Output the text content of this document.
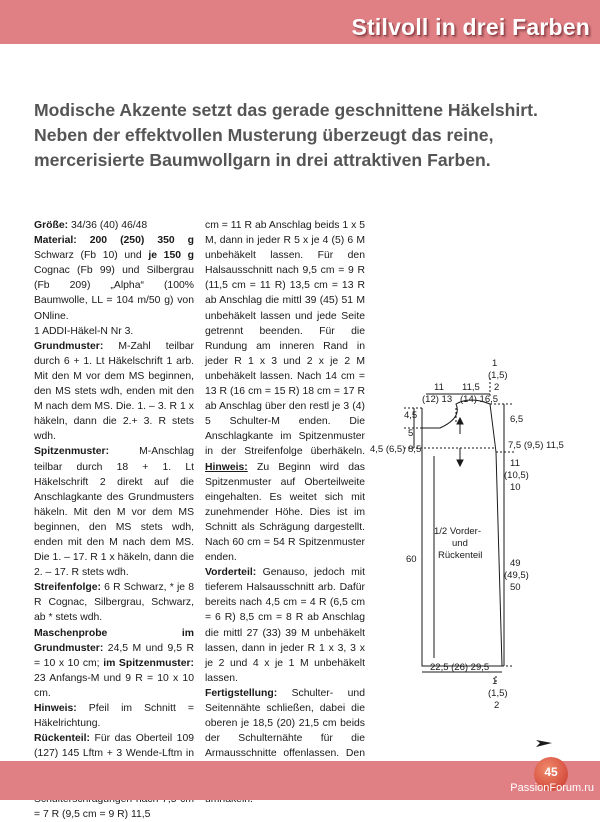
Stilvoll in drei Farben
Modische Akzente setzt das gerade geschnittene Häkelshirt. Neben der effektvollen Musterung überzeugt das reine, mercerisierte Baumwollgarn in drei attraktiven Farben.

Größe: 34/36 (40) 46/48

Material: 200 (250) 350 g Schwarz (Fb 10) und je 150 g Cognac (Fb 99) und Silbergrau (Fb 209) „Alpha“ (100% Baumwolle, LL = 104 m/50 g) von ONline.

1 ADDI-Häkel-N Nr 3.

Grundmuster: M-Zahl teilbar durch 6 + 1. Lt Häkelschrift 1 arb. Mit den M vor dem MS beginnen, den MS stets wdh, enden mit den M nach dem MS. Die. 1. – 3. R 1 x häkeln, dann die 2.+ 3. R stets wdh.

Spitzenmuster: M-Anschlag teilbar durch 18 + 1. Lt Häkelschrift 2 direkt auf die Anschlagkante des Grundmusters häkeln. Mit den M vor dem MS beginnen, den MS stets wdh, enden mit den M nach dem MS. Die 1. – 17. R 1 x häkeln, dann die 2. – 17. R stets wdh.

Streifenfolge: 6 R Schwarz, * je 8 R Cognac, Silbergrau, Schwarz, ab * stets wdh.

Maschenprobe im Grundmuster: 24,5 M und 9,5 R = 10 x 10 cm; im Spitzenmuster: 23 Anfangs-M und 9 R = 10 x 10 cm.

Hinweis: Pfeil im Schnitt = Häkelrichtung.

Rückenteil: Für das Oberteil 109 (127) 145 Lftm + 3 Wende-Lftm in = 7 R (9,5 cm = 9 R) 11,5

cm = 11 R ab Anschlag beids 1 x 5 M, dann in jeder R 5 x je 4 (5) 6 M unbehäkelt lassen. Für den Halsausschnitt nach 9,5 cm = 9 R (11,5 cm = 11 R) 13,5 cm = 13 R ab Anschlag die mittl 39 (45) 51 M unbehäkelt lassen und jede Seite getrennt beenden. Für die Rundung am inneren Rand in jeder R 1 x 3 und 2 x je 2 M unbehäkelt lassen. Nach 14 cm = 13 R (16 cm = 15 R) 18 cm = 17 R ab Anschlag über den restl je 3 (4) 5 Schulter-M enden. Die Anschlagkante im Spitzenmuster in der Streifenfolge überhäkeln. Hinweis: Zu Beginn wird das Spitzenmuster auf Oberteilweite eingehalten. Es weitet sich mit zunehmender Höhe. Dies ist im Schnitt als Schrägung dargestellt. Nach 60 cm = 54 R Spitzenmuster enden.

Vorderteil: Genauso, jedoch mit tieferem Halsausschnitt arb. Dafür bereits nach 4,5 cm = 4 R (6,5 cm = 6 R) 8,5 cm = 8 R ab Anschlag die mittl 27 (33) 39 M unbehäkelt lassen, dann in jeder R 1 x 3, 3 x je 2 und 4 x je 1 M unbehäkelt lassen.

Fertigstellung: Schulter- und Seitennähte schließen, dabei die oberen je 18,5 (20) 21,5 cm beids der Schulternähte für die Armausschnitte offenlassen. Den

1
(1,5)
2
11
(12) 13
11,5
(14) 16,5
4,5
5
4,5 (6,5) 8,5
6,5
7,5 (9,5) 11,5
11
(10,5)
10
1/2 Vorder-
und
Rückenteil
60	49
(49,5)
50
22,5 (26) 29,5
1
(1,5)
2
45
PassionForum.ru
